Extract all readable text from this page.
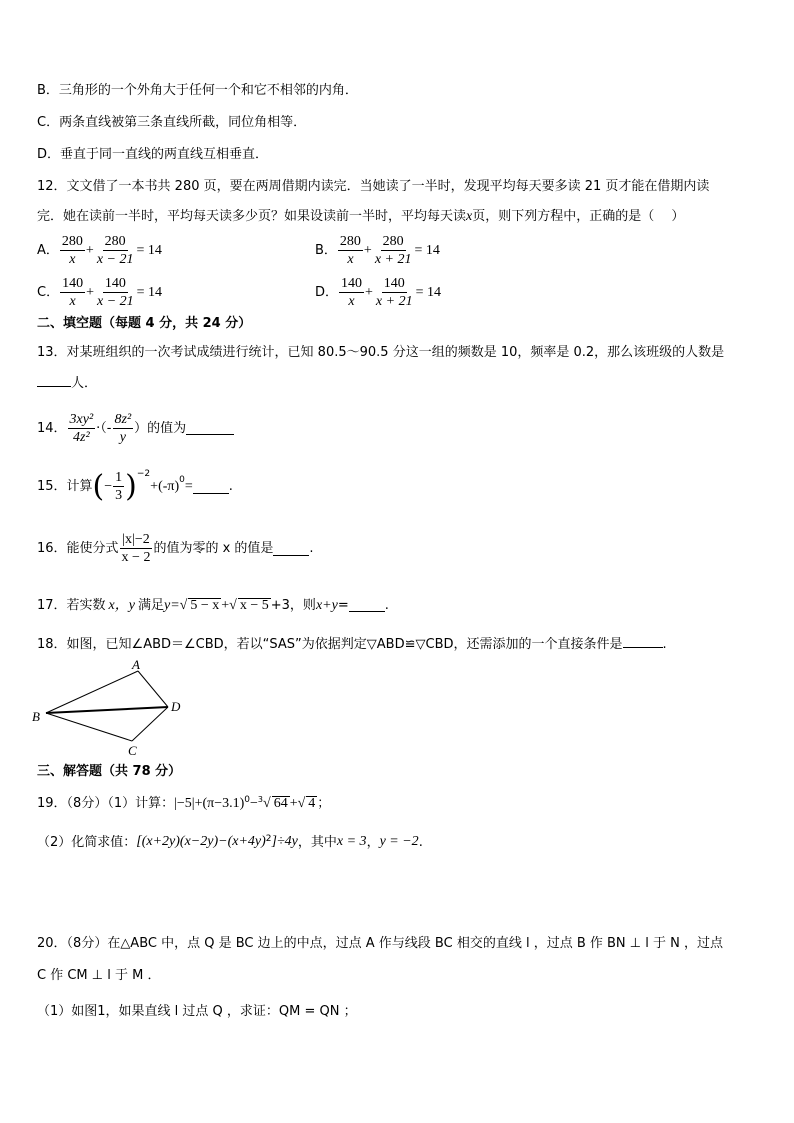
B．三角形的一个外角大于任何一个和它不相邻的内角．
C．两条直线被第三条直线所截，同位角相等．
D．垂直于同一直线的两直线互相垂直．
12．文文借了一本书共 280 页，要在两周借期内读完．当她读了一半时，发现平均每天要多读 21 页才能在借期内读
完．她在读前一半时，平均每天读多少页？如果设读前一半时，平均每天读x页，则下列方程中，正确的是（　 ）
A． $\frac{280}{x} + \frac{280}{x - 21} = 14$	B． $\frac{280}{x} + \frac{280}{x + 21} = 14$
C． $\frac{140}{x} + \frac{140}{x - 21} = 14$	D． $\frac{140}{x} + \frac{140}{x + 21} = 14$
二、填空题（每题 4 分，共 24 分）
13．对某班组织的一次考试成绩进行统计，已知 80.5～90.5 分这一组的频数是 10，频率是 0.2，那么该班级的人数是
人．
14． $\frac{\text{3xy²}}{\text{4z²}}$ ·（- $\frac{\text{8z²}}{y}$ ）的值为
15．计算 ( − $\frac{1}{3} )^{-2}$
$+(-\pi)^0$ =	.
16．能使分式 $\frac{|x|-2}{x - 2}$ 的值为零的 x 的值是	.
17．若实数 x，y 满足 y= √ 5 − x + √ x − 5 +3，则 x+y =	.
18．如图，已知∠ABD＝∠CBD，若以“SAS”为依据判定▽ABD≌▽CBD，还需添加的一个直接条件是	.
A
B
D
C
三、解答题（共 78 分）
19．（8分）（1）计算： $|-5|+(\pi-3.1)^0 -^3$ √ 64 + √ 4 ；
（2）化简求值： [(x+2y)(x−2y)−(x+4y) 2 ]÷4y ，其中 x = 3 ， y = −2 .
20．（8分）在△ABC 中，点 Q 是 BC 边上的中点，过点 A 作与线段 BC 相交的直线 l ，过点 B 作 BN ⊥ l 于 N ，过点
C 作 CM ⊥ l 于 M ．
（1）如图1，如果直线 l 过点 Q ，求证：QM = QN ；
